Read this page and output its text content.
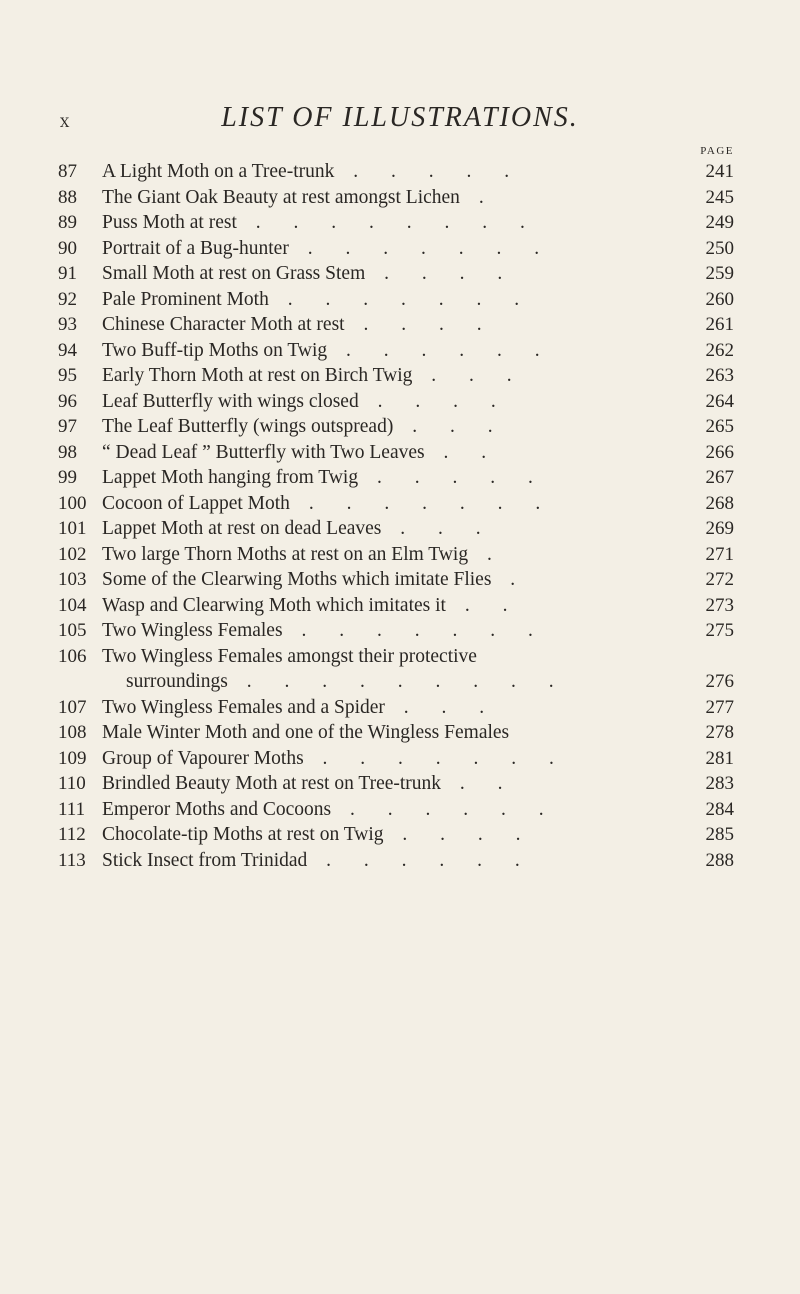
x	LIST OF ILLUSTRATIONS.
PAGE
87	A Light Moth on a Tree-trunk . . . . .	241
88	The Giant Oak Beauty at rest amongst Lichen .	245
89	Puss Moth at rest . . . . . . . .	249
90	Portrait of a Bug-hunter . . . . . . .	250
91	Small Moth at rest on Grass Stem . . . .	259
92	Pale Prominent Moth . . . . . . .	260
93	Chinese Character Moth at rest . . . .	261
94	Two Buff-tip Moths on Twig . . . . . .	262
95	Early Thorn Moth at rest on Birch Twig . . .	263
96	Leaf Butterfly with wings closed . . . .	264
97	The Leaf Butterfly (wings outspread) . . .	265
98	“ Dead Leaf ” Butterfly with Two Leaves . .	266
99	Lappet Moth hanging from Twig . . . . .	267
100 Cocoon of Lappet Moth . . . . . . .	268
101 Lappet Moth at rest on dead Leaves . . .	269
102 Two large Thorn Moths at rest on an Elm Twig .	271
103 Some of the Clearwing Moths which imitate Flies .	272
104 Wasp and Clearwing Moth which imitates it . .	273
105 Two Wingless Females . . . . . . .	275
106 Two Wingless Females amongst their protective
surroundings . . . . . . . . .	276
107 Two Wingless Females and a Spider . . .	277
108 Male Winter Moth and one of the Wingless Females	278
109 Group of Vapourer Moths . . . . . . .	281
110 Brindled Beauty Moth at rest on Tree-trunk . .	283
111 Emperor Moths and Cocoons . . . . . .	284
112 Chocolate-tip Moths at rest on Twig . . . .	285
113 Stick Insect from Trinidad . . . . . .	288
